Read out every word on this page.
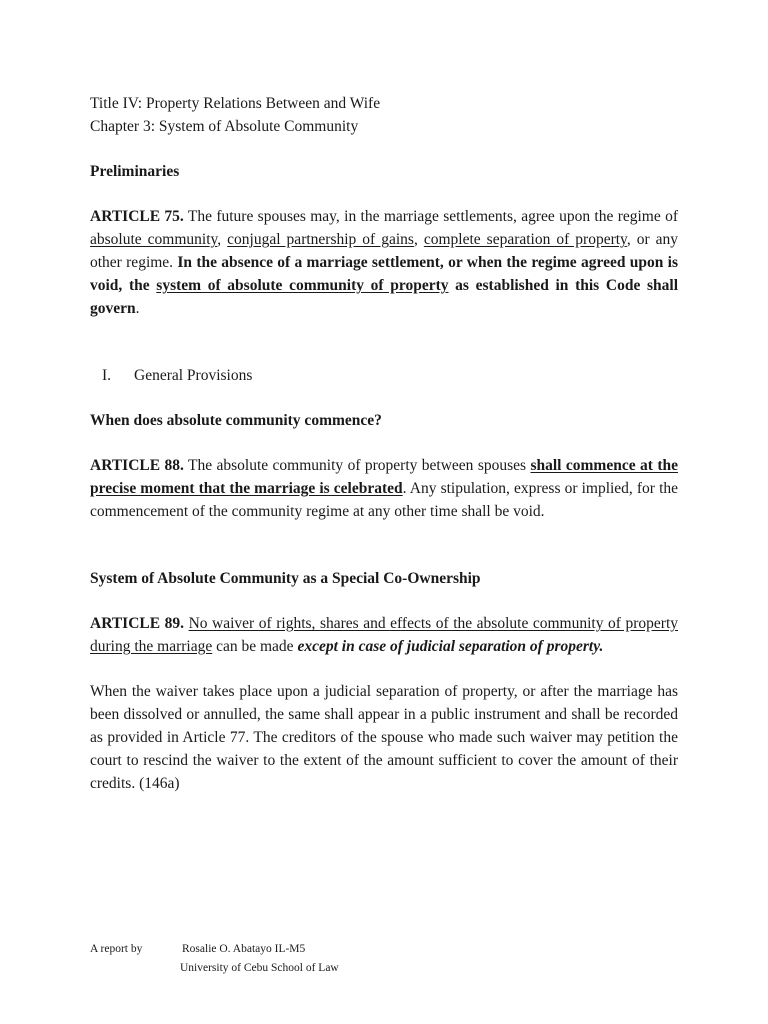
Title IV: Property Relations Between and Wife
Chapter 3: System of Absolute Community

Preliminaries

ARTICLE 75. The future spouses may, in the marriage settlements, agree upon the regime of absolute community, conjugal partnership of gains, complete separation of property, or any other regime. In the absence of a marriage settlement, or when the regime agreed upon is void, the system of absolute community of property as established in this Code shall govern.

I.	General Provisions

When does absolute community commence?

ARTICLE 88. The absolute community of property between spouses shall commence at the precise moment that the marriage is celebrated. Any stipulation, express or implied, for the commencement of the community regime at any other time shall be void.

System of Absolute Community as a Special Co-Ownership

ARTICLE 89. No waiver of rights, shares and effects of the absolute community of property during the marriage can be made except in case of judicial separation of property.

When the waiver takes place upon a judicial separation of property, or after the marriage has been dissolved or annulled, the same shall appear in a public instrument and shall be recorded as provided in Article 77. The creditors of the spouse who made such waiver may petition the court to rescind the waiver to the extent of the amount sufficient to cover the amount of their credits. (146a)

A report by	Rosalie O. Abatayo IL-M5
University of Cebu School of Law
